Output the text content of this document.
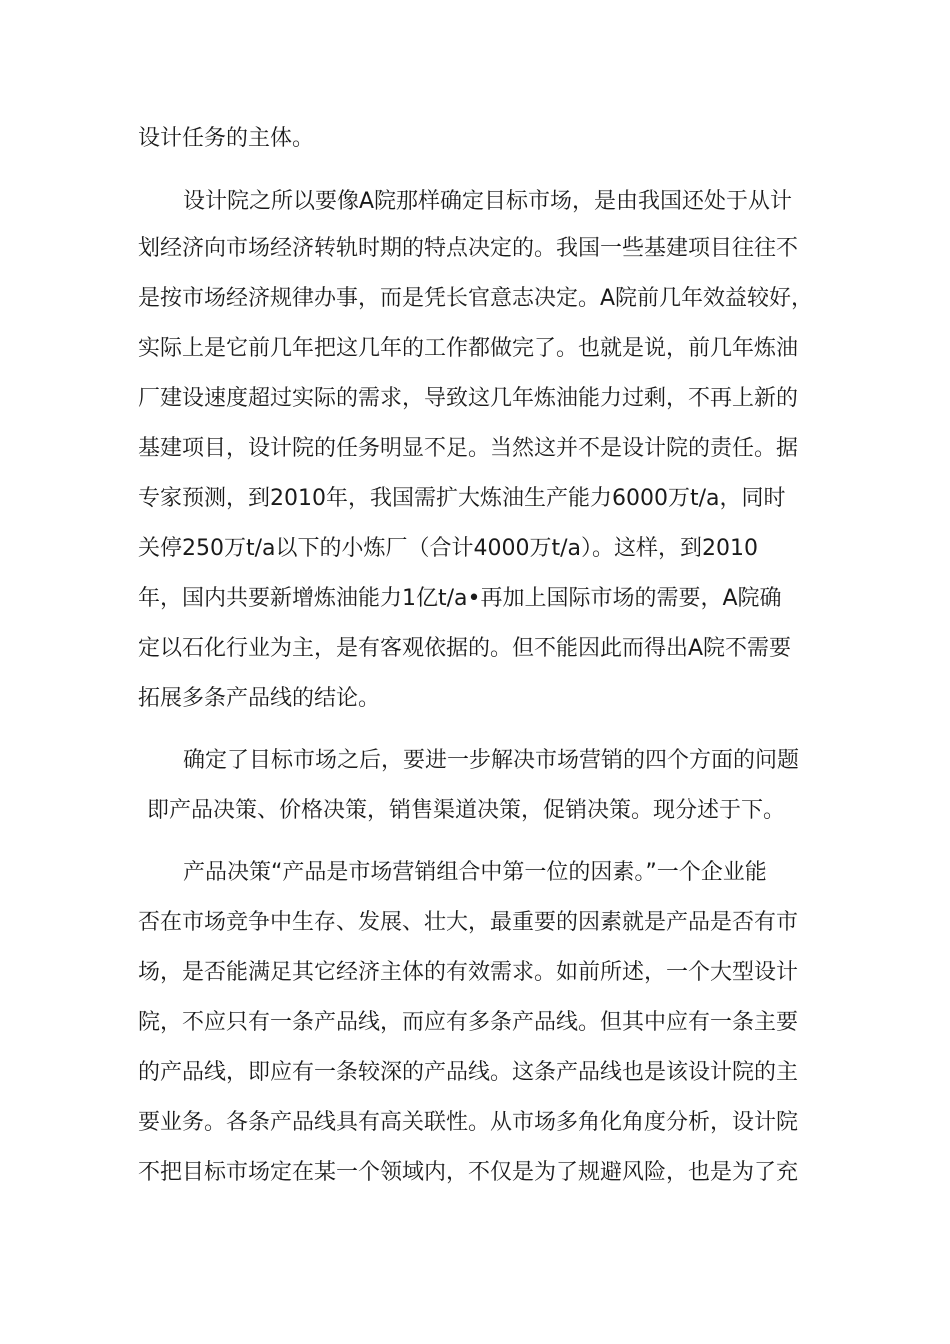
设计任务的主体。
设计院之所以要像A院那样确定目标市场，是由我国还处于从计
划经济向市场经济转轨时期的特点决定的。我国一些基建项目往往不
是按市场经济规律办事，而是凭长官意志决定。A院前几年效益较好，
实际上是它前几年把这几年的工作都做完了。也就是说，前几年炼油
厂建设速度超过实际的需求，导致这几年炼油能力过剩，不再上新的
基建项目，设计院的任务明显不足。当然这并不是设计院的责任。据
专家预测，到2010年，我国需扩大炼油生产能力6000万t/a，同时
关停250万t/a以下的小炼厂（合计4000万t/a）。这样，到2010
年，国内共要新增炼油能力1亿t/a•再加上国际市场的需要，A院确
定以石化行业为主，是有客观依据的。但不能因此而得出A院不需要
拓展多条产品线的结论。
确定了目标市场之后，要进一步解决市场营销的四个方面的问题
即产品决策、价格决策，销售渠道决策，促销决策。现分述于下。
产品决策“产品是市场营销组合中第一位的因素。”一个企业能
否在市场竞争中生存、发展、壮大，最重要的因素就是产品是否有市
场，是否能满足其它经济主体的有效需求。如前所述，一个大型设计
院，不应只有一条产品线，而应有多条产品线。但其中应有一条主要
的产品线，即应有一条较深的产品线。这条产品线也是该设计院的主
要业务。各条产品线具有高关联性。从市场多角化角度分析，设计院
不把目标市场定在某一个领域内，不仅是为了规避风险，也是为了充
